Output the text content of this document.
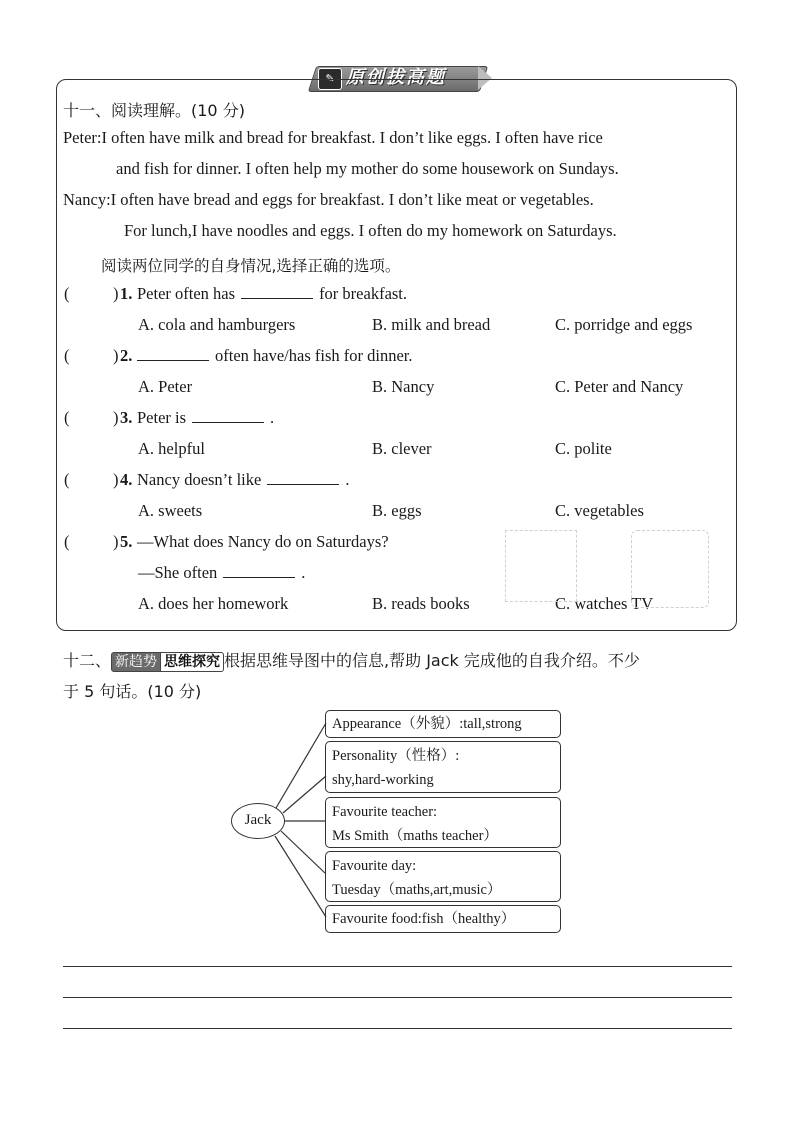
✎ 原创拔高题
十一、阅读理解。(10 分)
Peter:I often have milk and bread for breakfast. I don’t like eggs. I often have rice
and fish for dinner. I often help my mother do some housework on Sundays.
Nancy:I often have bread and eggs for breakfast. I don’t like meat or vegetables.
For lunch,I have noodles and eggs. I often do my homework on Saturdays.
阅读两位同学的自身情况,选择正确的选项。
(	) 1. Peter often has	for breakfast.
A. cola and hamburgers	B. milk and bread	C. porridge and eggs
(	) 2.	often have/has fish for dinner.
A. Peter	B. Nancy	C. Peter and Nancy
(	) 3. Peter is	.
A. helpful	B. clever	C. polite
(	) 4. Nancy doesn’t like	.
A. sweets	B. eggs	C. vegetables
(	) 5. —What does Nancy do on Saturdays?
—She often	.
A. does her homework	B. reads books	C. watches TV
十二、 新趋势 思维探究 根据思维导图中的信息,帮助 Jack 完成他的自我介绍。不少
于 5 句话。(10 分)
Jack
Appearance（外貌）:tall,strong
Personality（性格）:
shy,hard-working
Favourite teacher:
Ms Smith（maths teacher）
Favourite day:
Tuesday（maths,art,music）
Favourite food:fish（healthy）
